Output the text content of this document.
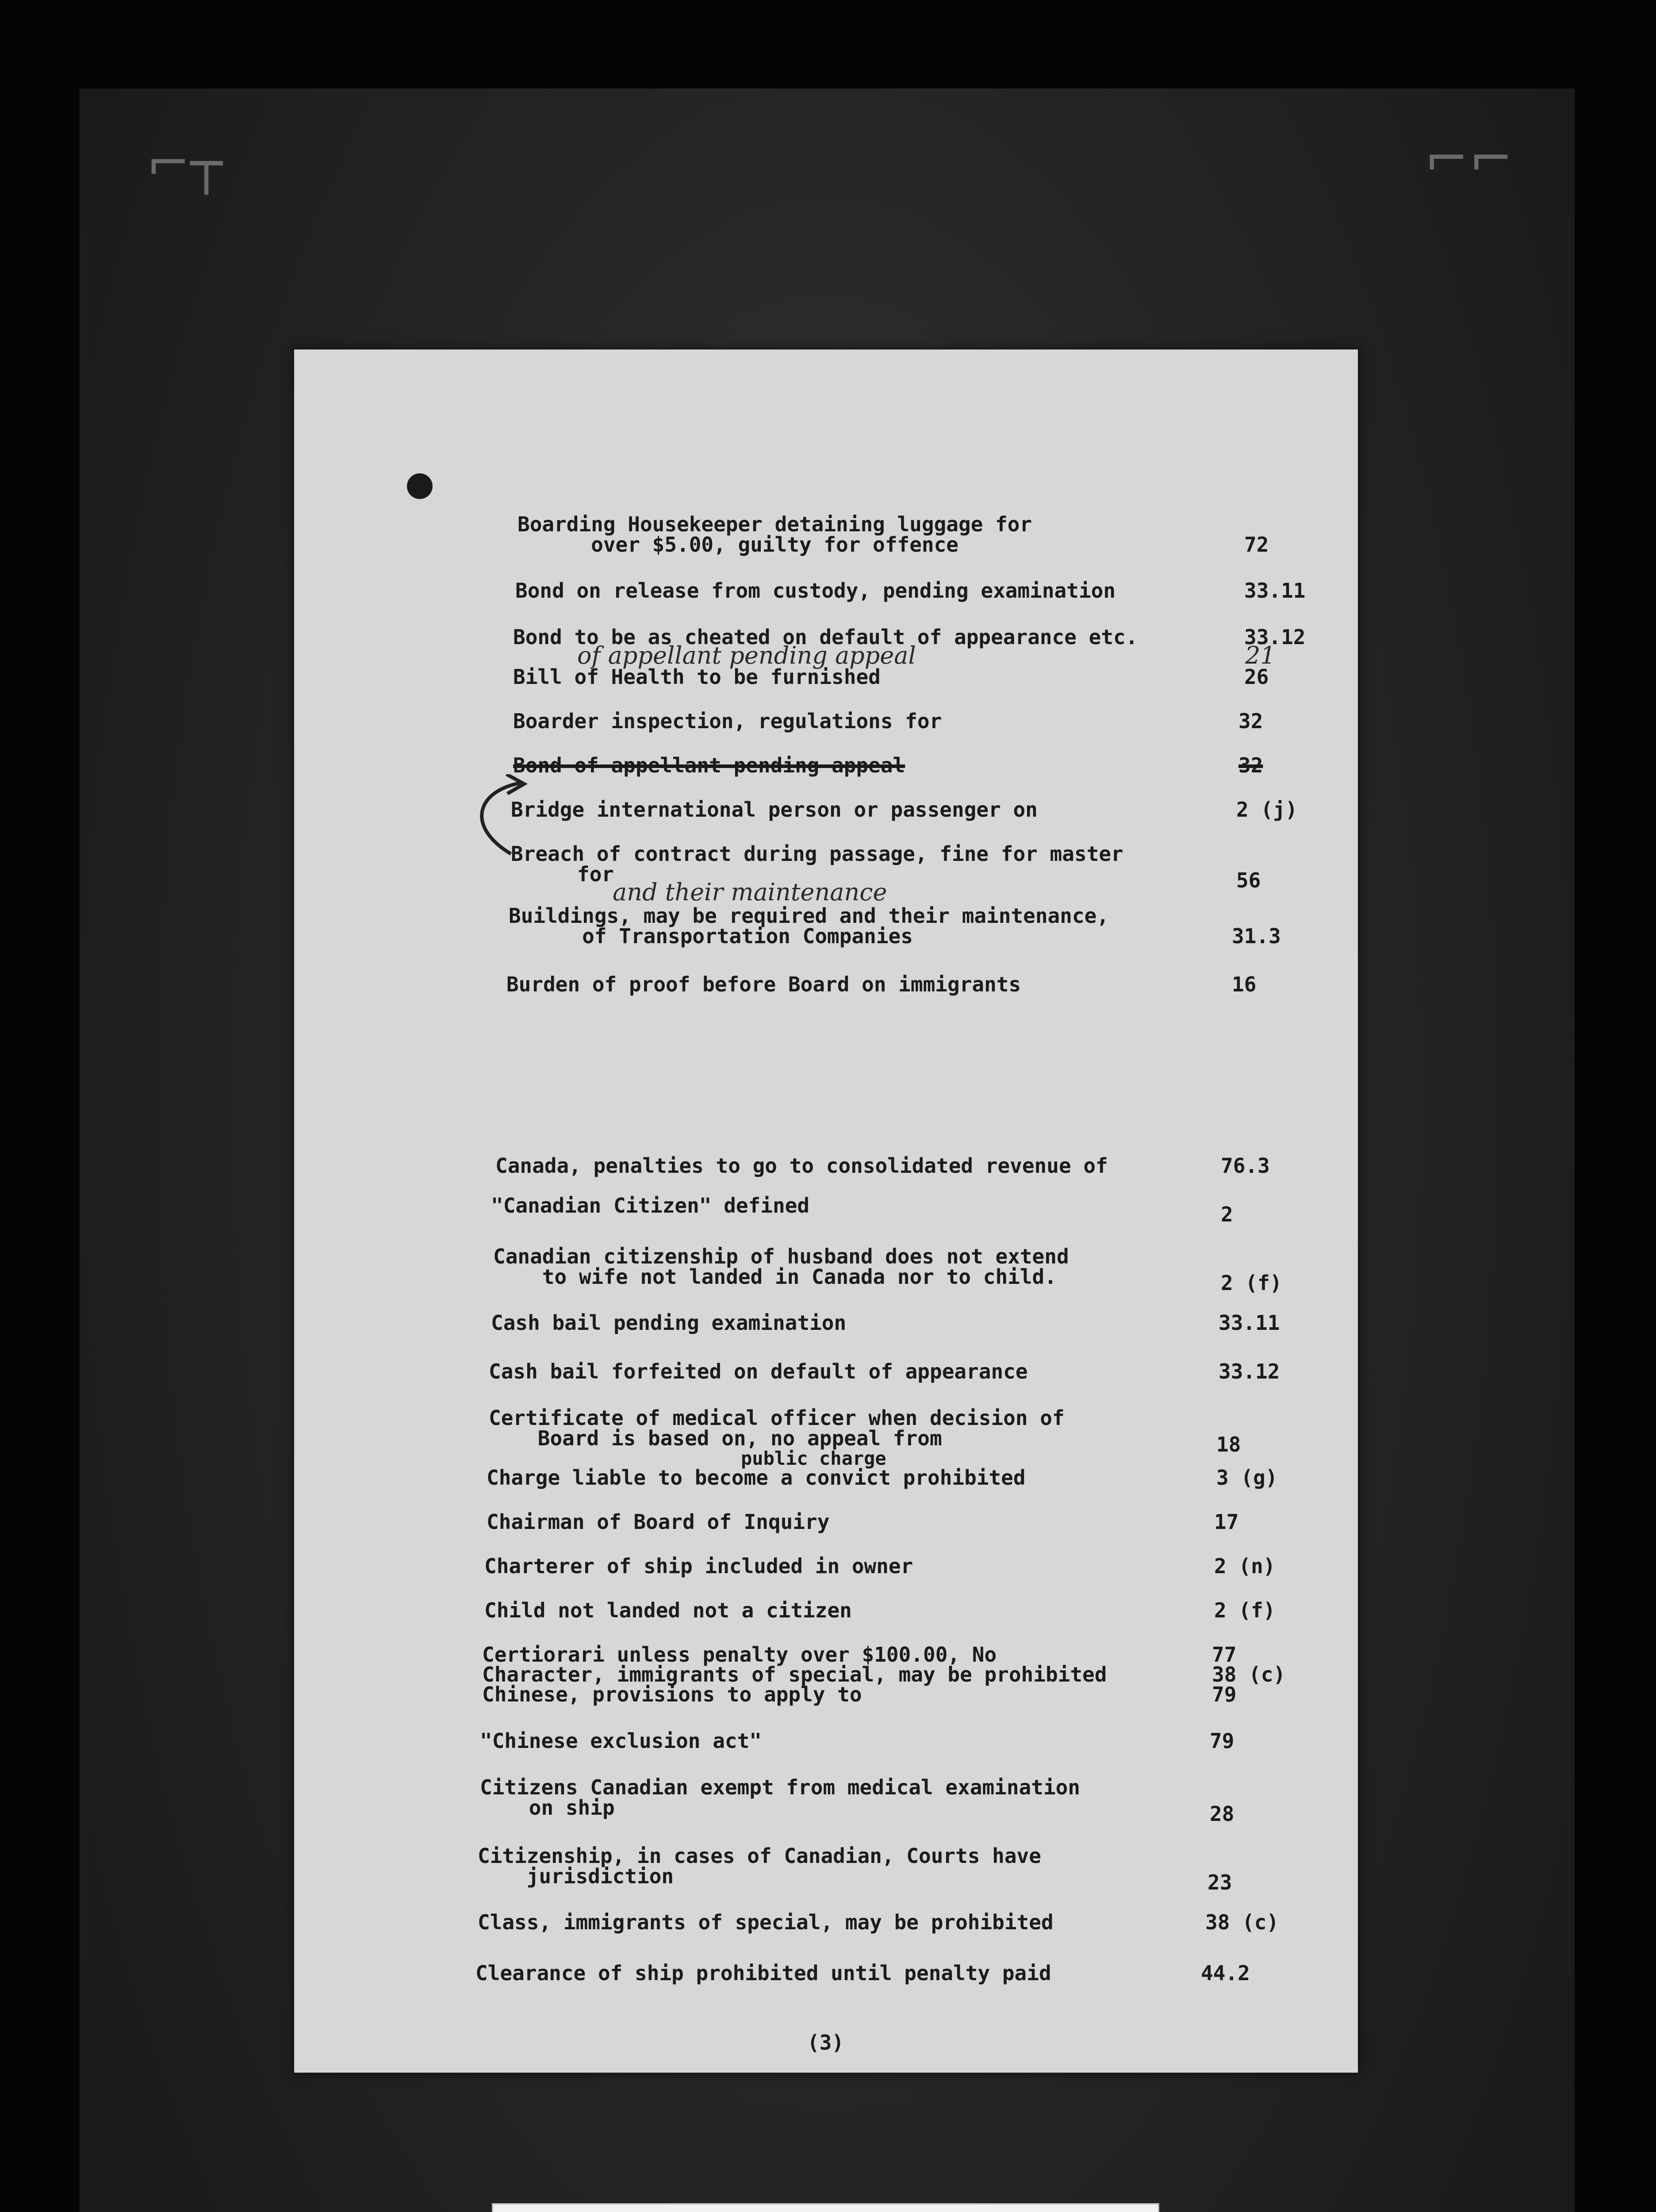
⌐┬	⌐⌐
Boarding Housekeeper detaining luggage for
over $5.00, guilty for offence	72
Bond on release from custody, pending examination	33.11
Bond to be as cheated on default of appearance etc.	33.12
of appellant pending appeal	21
Bill of Health to be furnished	26
Boarder inspection, regulations for	32
Bond of appellant pending appeal	32
Bridge international person or passenger on	2 (j)
Breach of contract during passage, fine for master
for	56
and their maintenance
Buildings, may be required and their maintenance,
of Transportation Companies	31.3
Burden of proof before Board on immigrants	16
Canada, penalties to go to consolidated revenue of	76.3
"Canadian Citizen" defined	2
Canadian citizenship of husband does not extend
to wife not landed in Canada nor to child.	2 (f)
Cash bail pending examination	33.11
Cash bail forfeited on default of appearance	33.12
Certificate of medical officer when decision of
Board is based on, no appeal from	18
public charge
Charge liable to become a convict prohibited	3 (g)
Chairman of Board of Inquiry	17
Charterer of ship included in owner	2 (n)
Child not landed not a citizen	2 (f)
Certiorari unless penalty over $100.00, No	77
Character, immigrants of special, may be prohibited	38 (c)
Chinese, provisions to apply to	79
"Chinese exclusion act"	79
Citizens Canadian exempt from medical examination
on ship	28
Citizenship, in cases of Canadian, Courts have
jurisdiction	23
Class, immigrants of special, may be prohibited	38 (c)
Clearance of ship prohibited until penalty paid	44.2
(3)
